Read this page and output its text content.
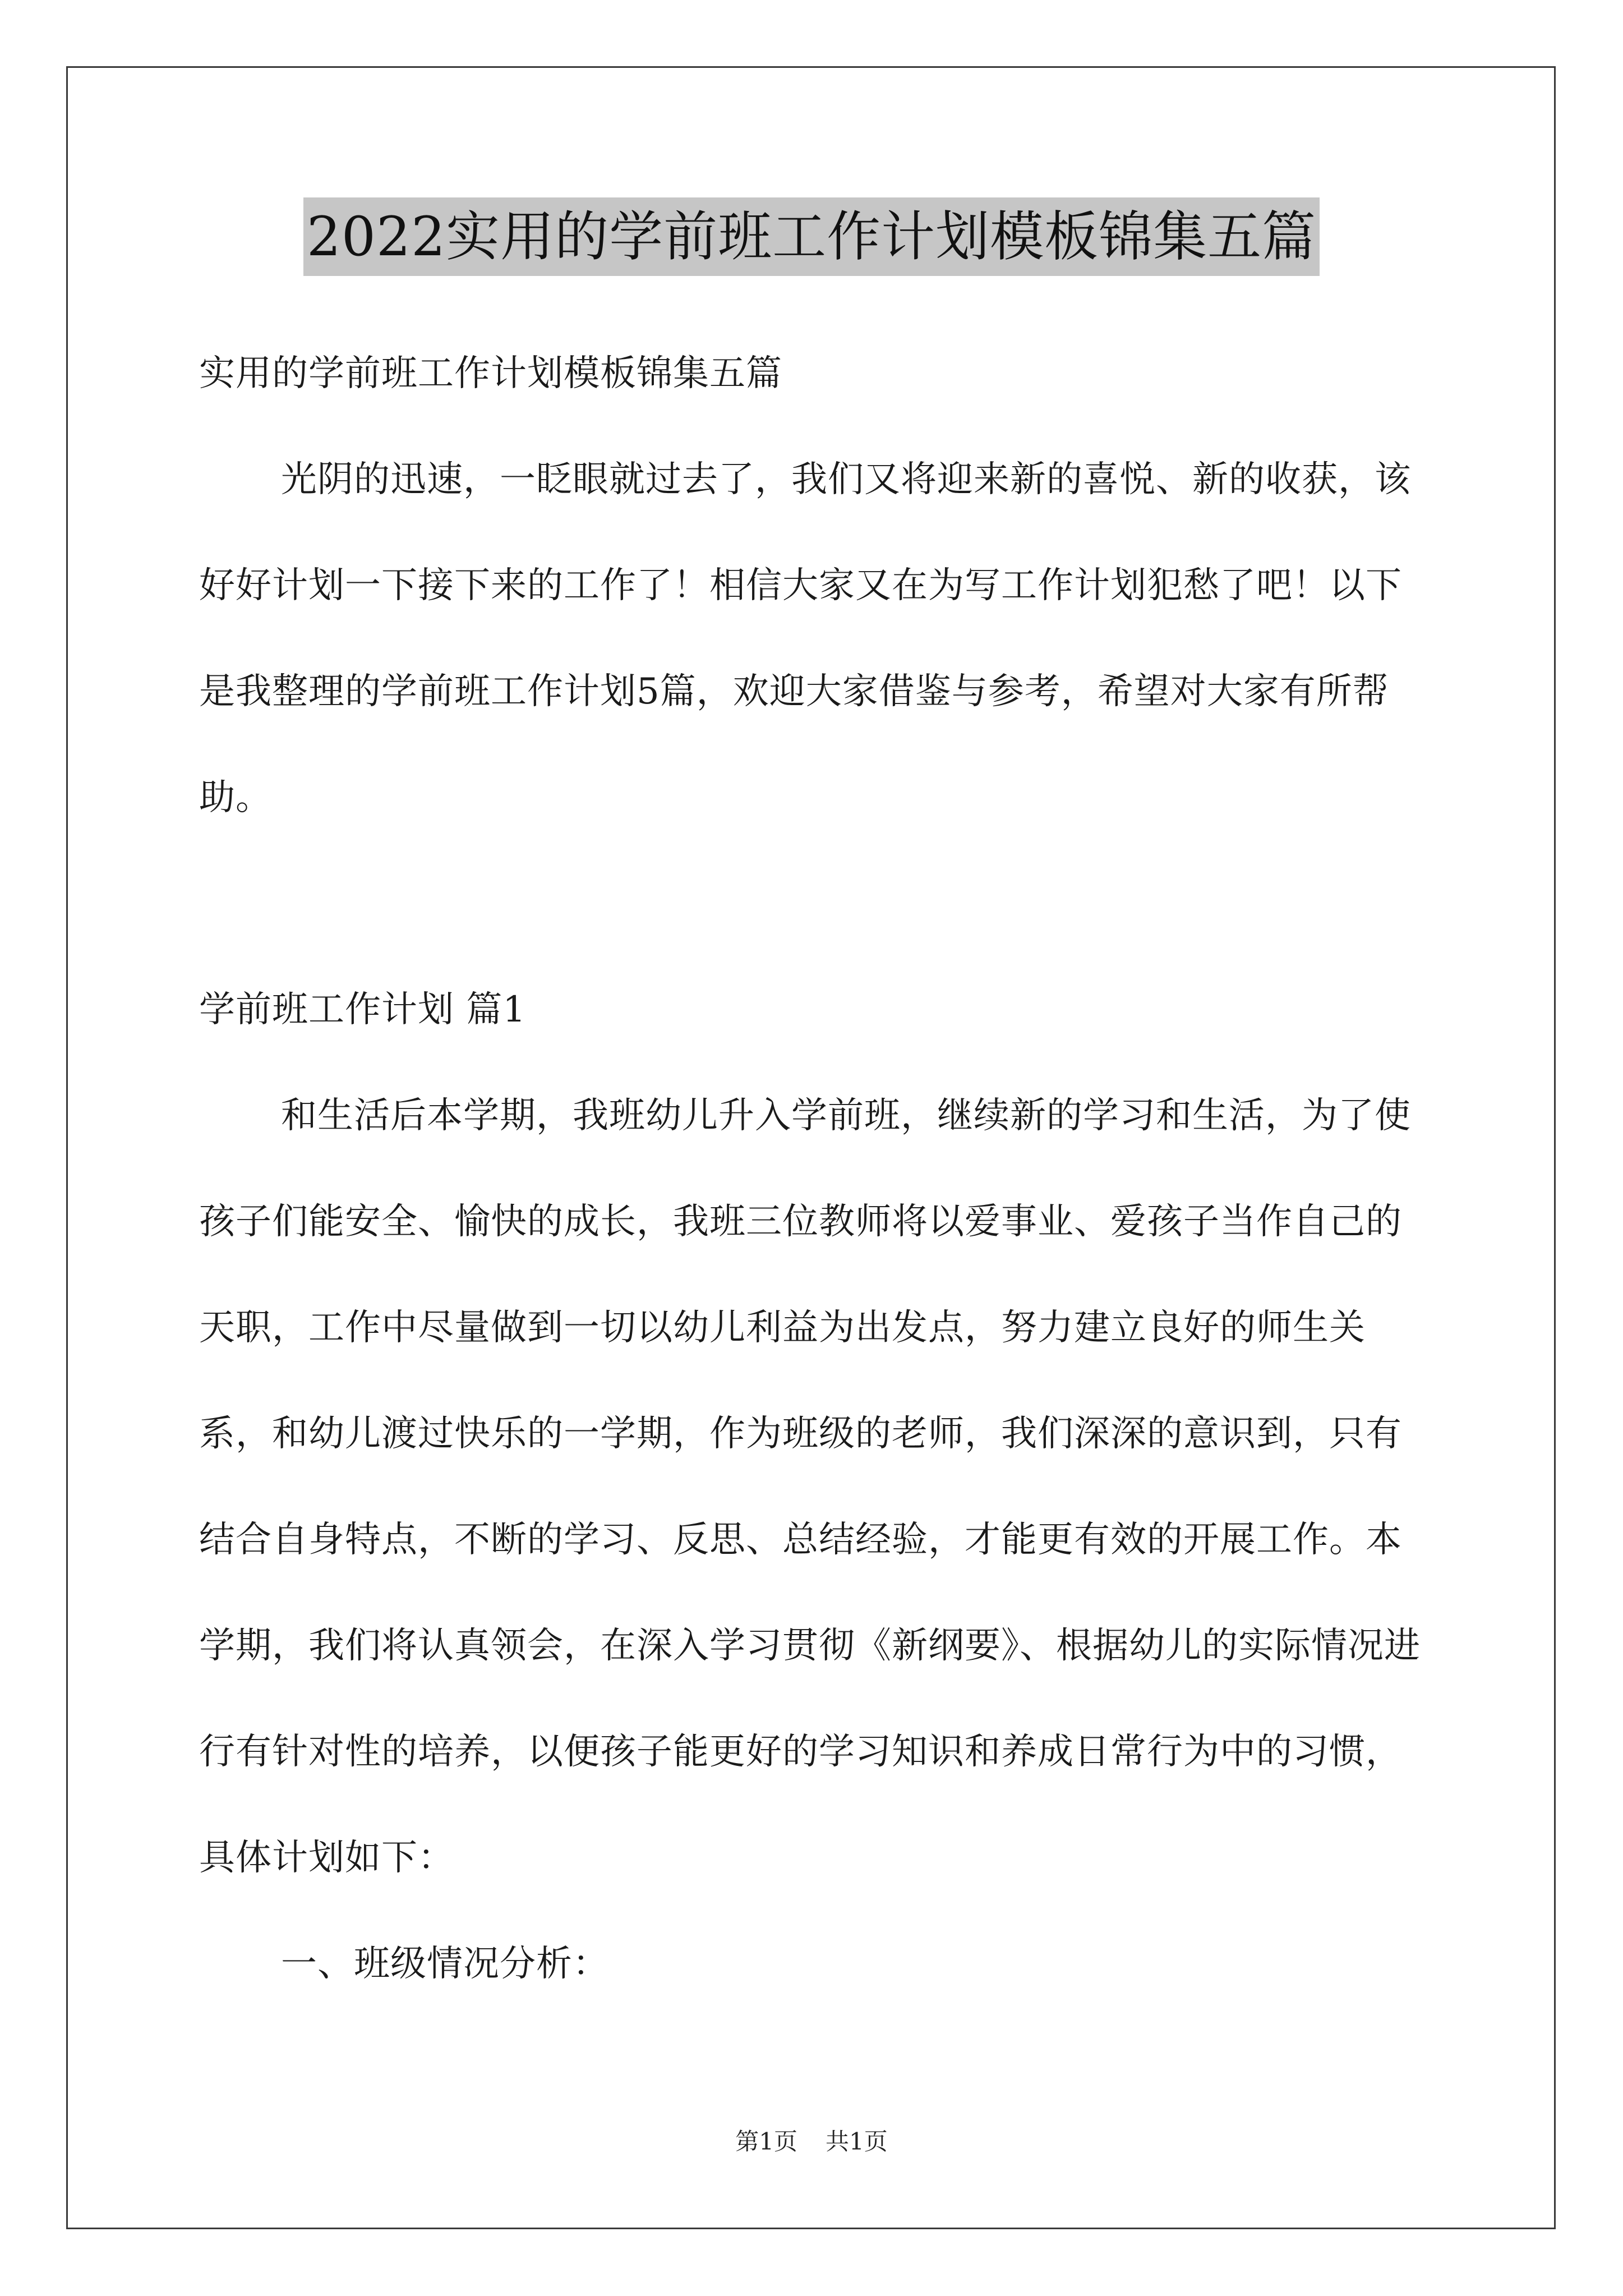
2022实用的学前班工作计划模板锦集五篇

实用的学前班工作计划模板锦集五篇

光阴的迅速，一眨眼就过去了，我们又将迎来新的喜悦、新的收获，该好好计划一下接下来的工作了！相信大家又在为写工作计划犯愁了吧！以下是我整理的学前班工作计划5篇，欢迎大家借鉴与参考，希望对大家有所帮助。

学前班工作计划 篇1

和生活后本学期，我班幼儿升入学前班，继续新的学习和生活，为了使孩子们能安全、愉快的成长，我班三位教师将以爱事业、爱孩子当作自己的天职，工作中尽量做到一切以幼儿利益为出发点，努力建立良好的师生关系，和幼儿渡过快乐的一学期，作为班级的老师，我们深深的意识到，只有结合自身特点，不断的学习、反思、总结经验，才能更有效的开展工作。本学期，我们将认真领会，在深入学习贯彻《新纲要》、根据幼儿的实际情况进行有针对性的培养，以便孩子能更好的学习知识和养成日常行为中的习惯，具体计划如下：

一、班级情况分析：

第1页 共1页
